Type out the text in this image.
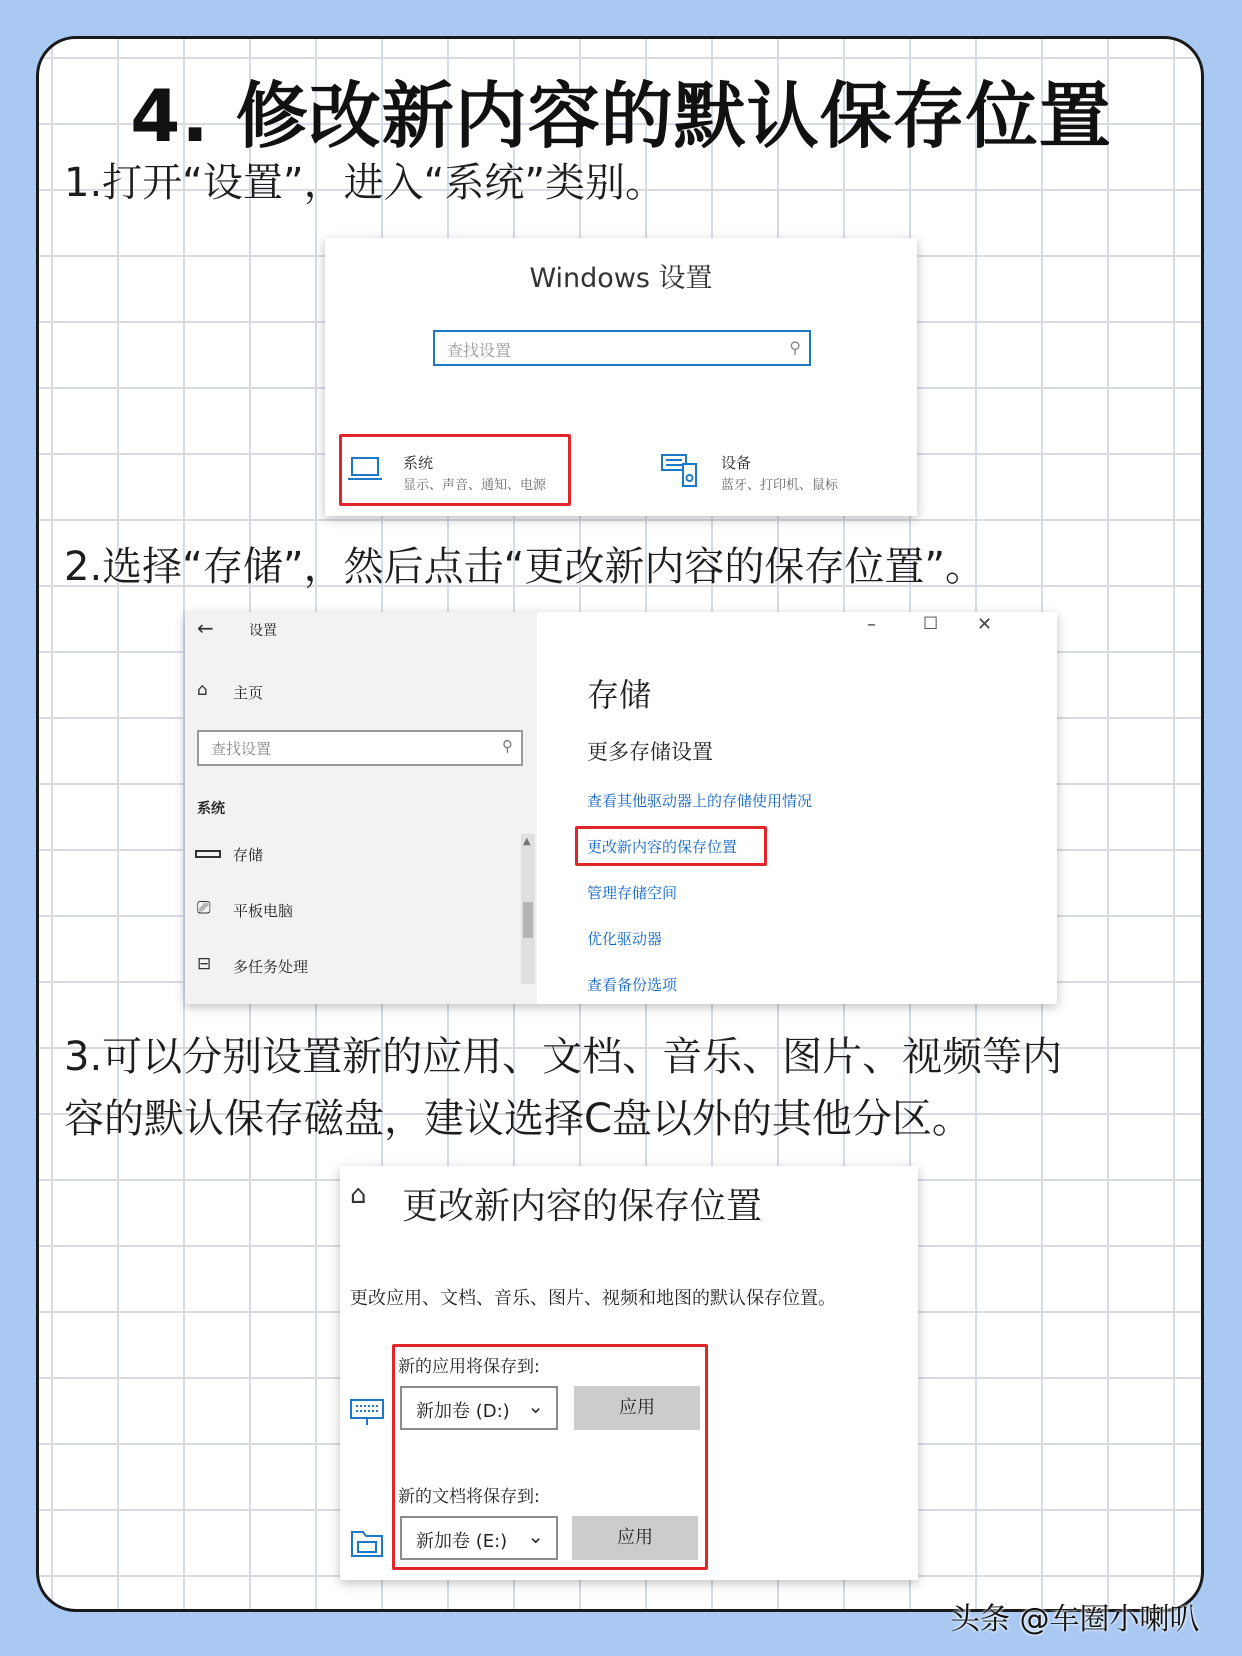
4. 修改新内容的默认保存位置
1.打开“设置”，进入“系统”类别。
Windows 设置
查找设置	⚲
系统
显示、声音、通知、电源
设备
蓝牙、打印机、鼠标
2.选择“存储”，然后点击“更改新内容的保存位置”。
←	设置	–	☐ ✕
⌂ 主页
查找设置	⚲
系统
存储
⎚ 平板电脑
⊟ 多任务处理
▲
存储
更多存储设置
查看其他驱动器上的存储使用情况
更改新内容的保存位置
管理存储空间
优化驱动器
查看备份选项
3.可以分别设置新的应用、文档、音乐、图片、视频等内
容的默认保存磁盘，建议选择C盘以外的其他分区。
⌂ 更改新内容的保存位置
更改应用、文档、音乐、图片、视频和地图的默认保存位置。
新的应用将保存到:
新加卷 (D:) ⌄	应用
新的文档将保存到:
新加卷 (E:) ⌄	应用
头条 @车圈小喇叭
